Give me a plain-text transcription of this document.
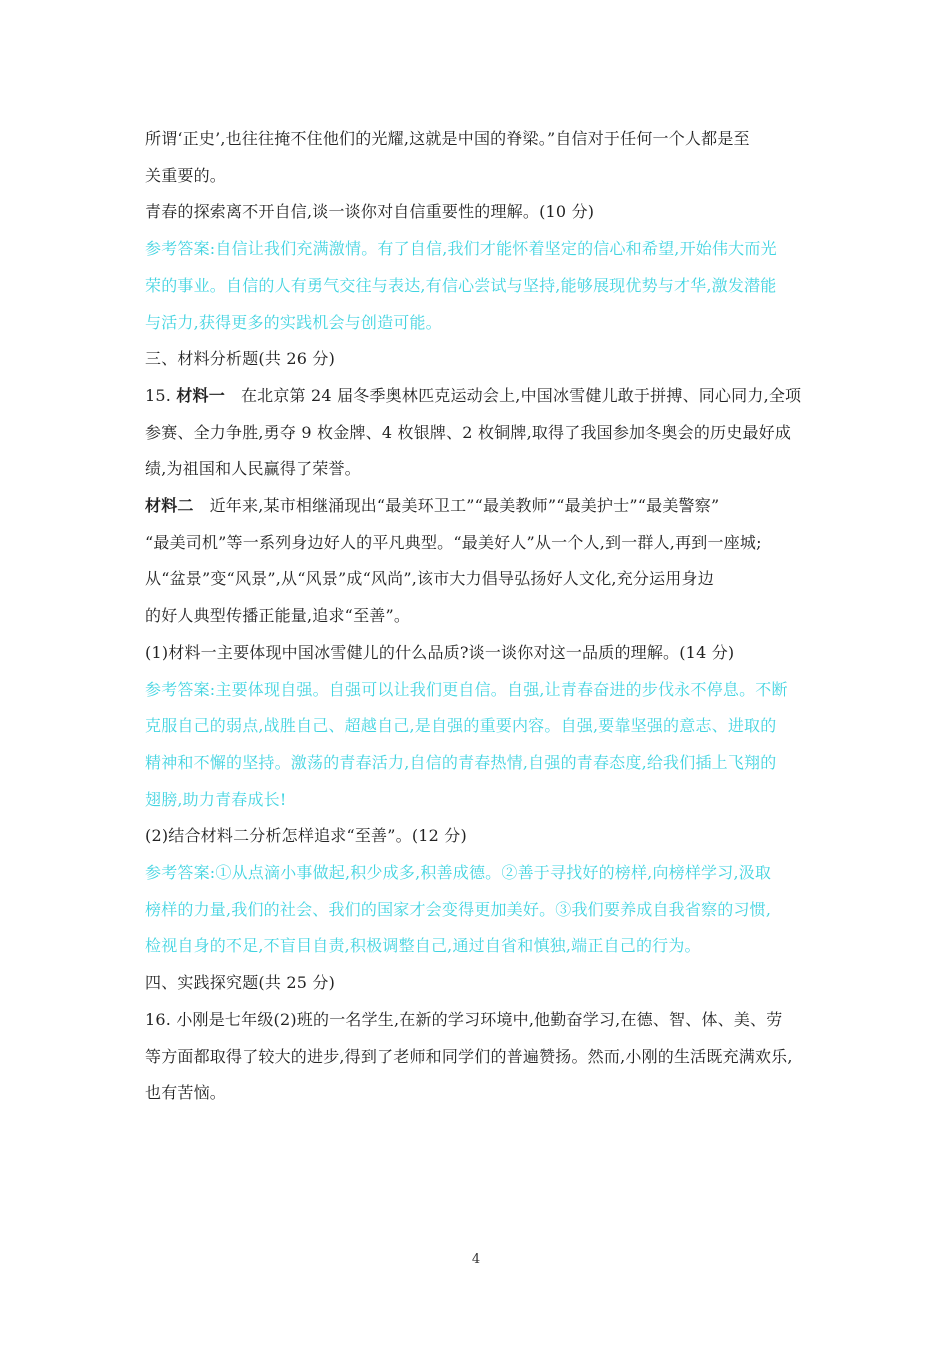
所谓‘正史’,也往往掩不住他们的光耀,这就是中国的脊梁。”自信对于任何一个人都是至
关重要的。
青春的探索离不开自信,谈一谈你对自信重要性的理解。(10 分)
参考答案:自信让我们充满激情。有了自信,我们才能怀着坚定的信心和希望,开始伟大而光
荣的事业。自信的人有勇气交往与表达,有信心尝试与坚持,能够展现优势与才华,激发潜能
与活力,获得更多的实践机会与创造可能。
三、材料分析题(共 26 分)
15. 材料一 在北京第 24 届冬季奥林匹克运动会上,中国冰雪健儿敢于拼搏、同心同力,全项
参赛、全力争胜,勇夺 9 枚金牌、4 枚银牌、2 枚铜牌,取得了我国参加冬奥会的历史最好成
绩,为祖国和人民赢得了荣誉。
材料二 近年来,某市相继涌现出“最美环卫工”“最美教师”“最美护士”“最美警察”
“最美司机”等一系列身边好人的平凡典型。“最美好人”从一个人,到一群人,再到一座城;
从“盆景”变“风景”,从“风景”成“风尚”,该市大力倡导弘扬好人文化,充分运用身边
的好人典型传播正能量,追求“至善”。
(1)材料一主要体现中国冰雪健儿的什么品质?谈一谈你对这一品质的理解。(14 分)
参考答案:主要体现自强。自强可以让我们更自信。自强,让青春奋进的步伐永不停息。不断
克服自己的弱点,战胜自己、超越自己,是自强的重要内容。自强,要靠坚强的意志、进取的
精神和不懈的坚持。激荡的青春活力,自信的青春热情,自强的青春态度,给我们插上飞翔的
翅膀,助力青春成长!
(2)结合材料二分析怎样追求“至善”。(12 分)
参考答案:①从点滴小事做起,积少成多,积善成德。②善于寻找好的榜样,向榜样学习,汲取
榜样的力量,我们的社会、我们的国家才会变得更加美好。③我们要养成自我省察的习惯,
检视自身的不足,不盲目自责,积极调整自己,通过自省和慎独,端正自己的行为。
四、实践探究题(共 25 分)
16. 小刚是七年级(2)班的一名学生,在新的学习环境中,他勤奋学习,在德、智、体、美、劳
等方面都取得了较大的进步,得到了老师和同学们的普遍赞扬。然而,小刚的生活既充满欢乐,
也有苦恼。
4
